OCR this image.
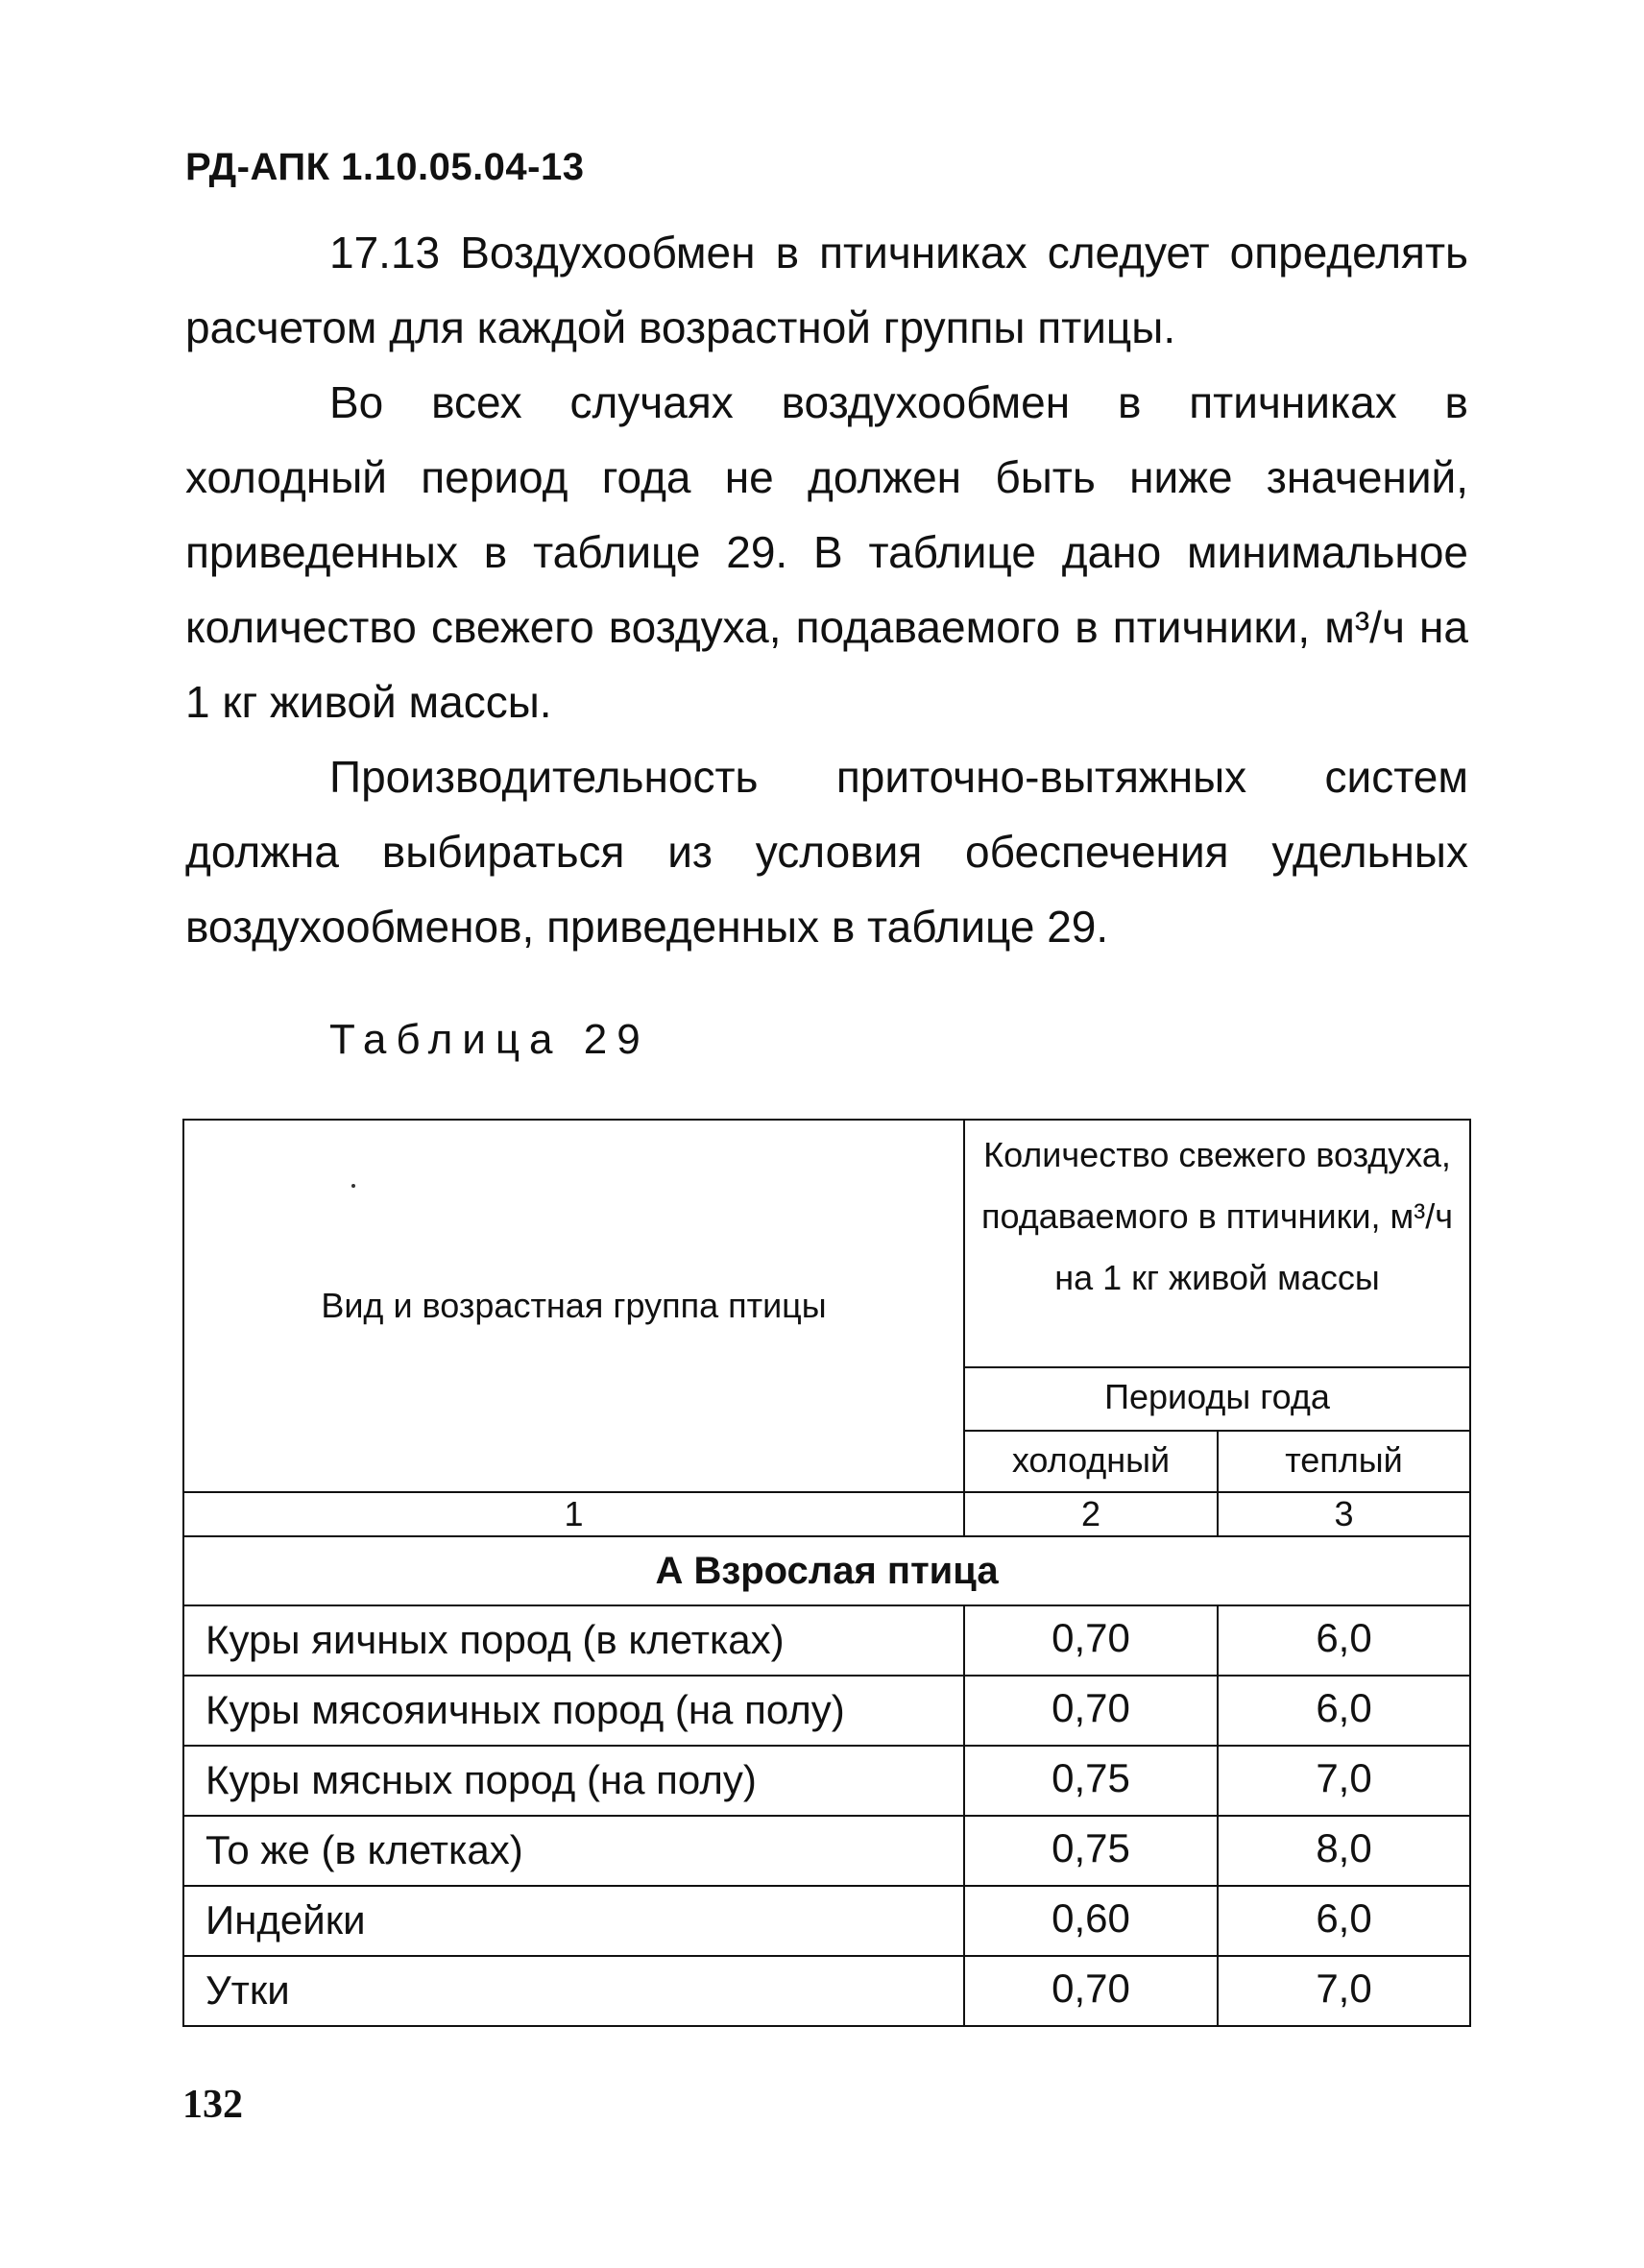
РД-АПК 1.10.05.04-13

17.13 Воздухообмен в птичниках следует определять расчетом для каждой возрастной группы птицы.

Во всех случаях воздухообмен в птичниках в холодный период года не должен быть ниже значений, приведенных в таблице 29. В таблице дано минимальное количество свежего воздуха, подаваемого в птичники, м³/ч на 1 кг живой массы.

Производительность приточно-вытяжных систем должна выбираться из условия обеспечения удельных воздухообменов, приведенных в таблице 29.

Таблица 29
Вид и возрастная группа птицы	Количество свежего воздуха, подаваемого в птичники, м³/ч на 1 кг живой массы	
	Периоды года	
	холодный	теплый
1	2	3
А Взрослая птица		
Куры яичных пород (в клетках)	0,70	6,0
Куры мясояичных пород (на полу)	0,70	6,0
Куры мясных пород (на полу)	0,75	7,0
То же (в клетках)	0,75	8,0
Индейки	0,60	6,0
Утки	0,70	7,0
132
